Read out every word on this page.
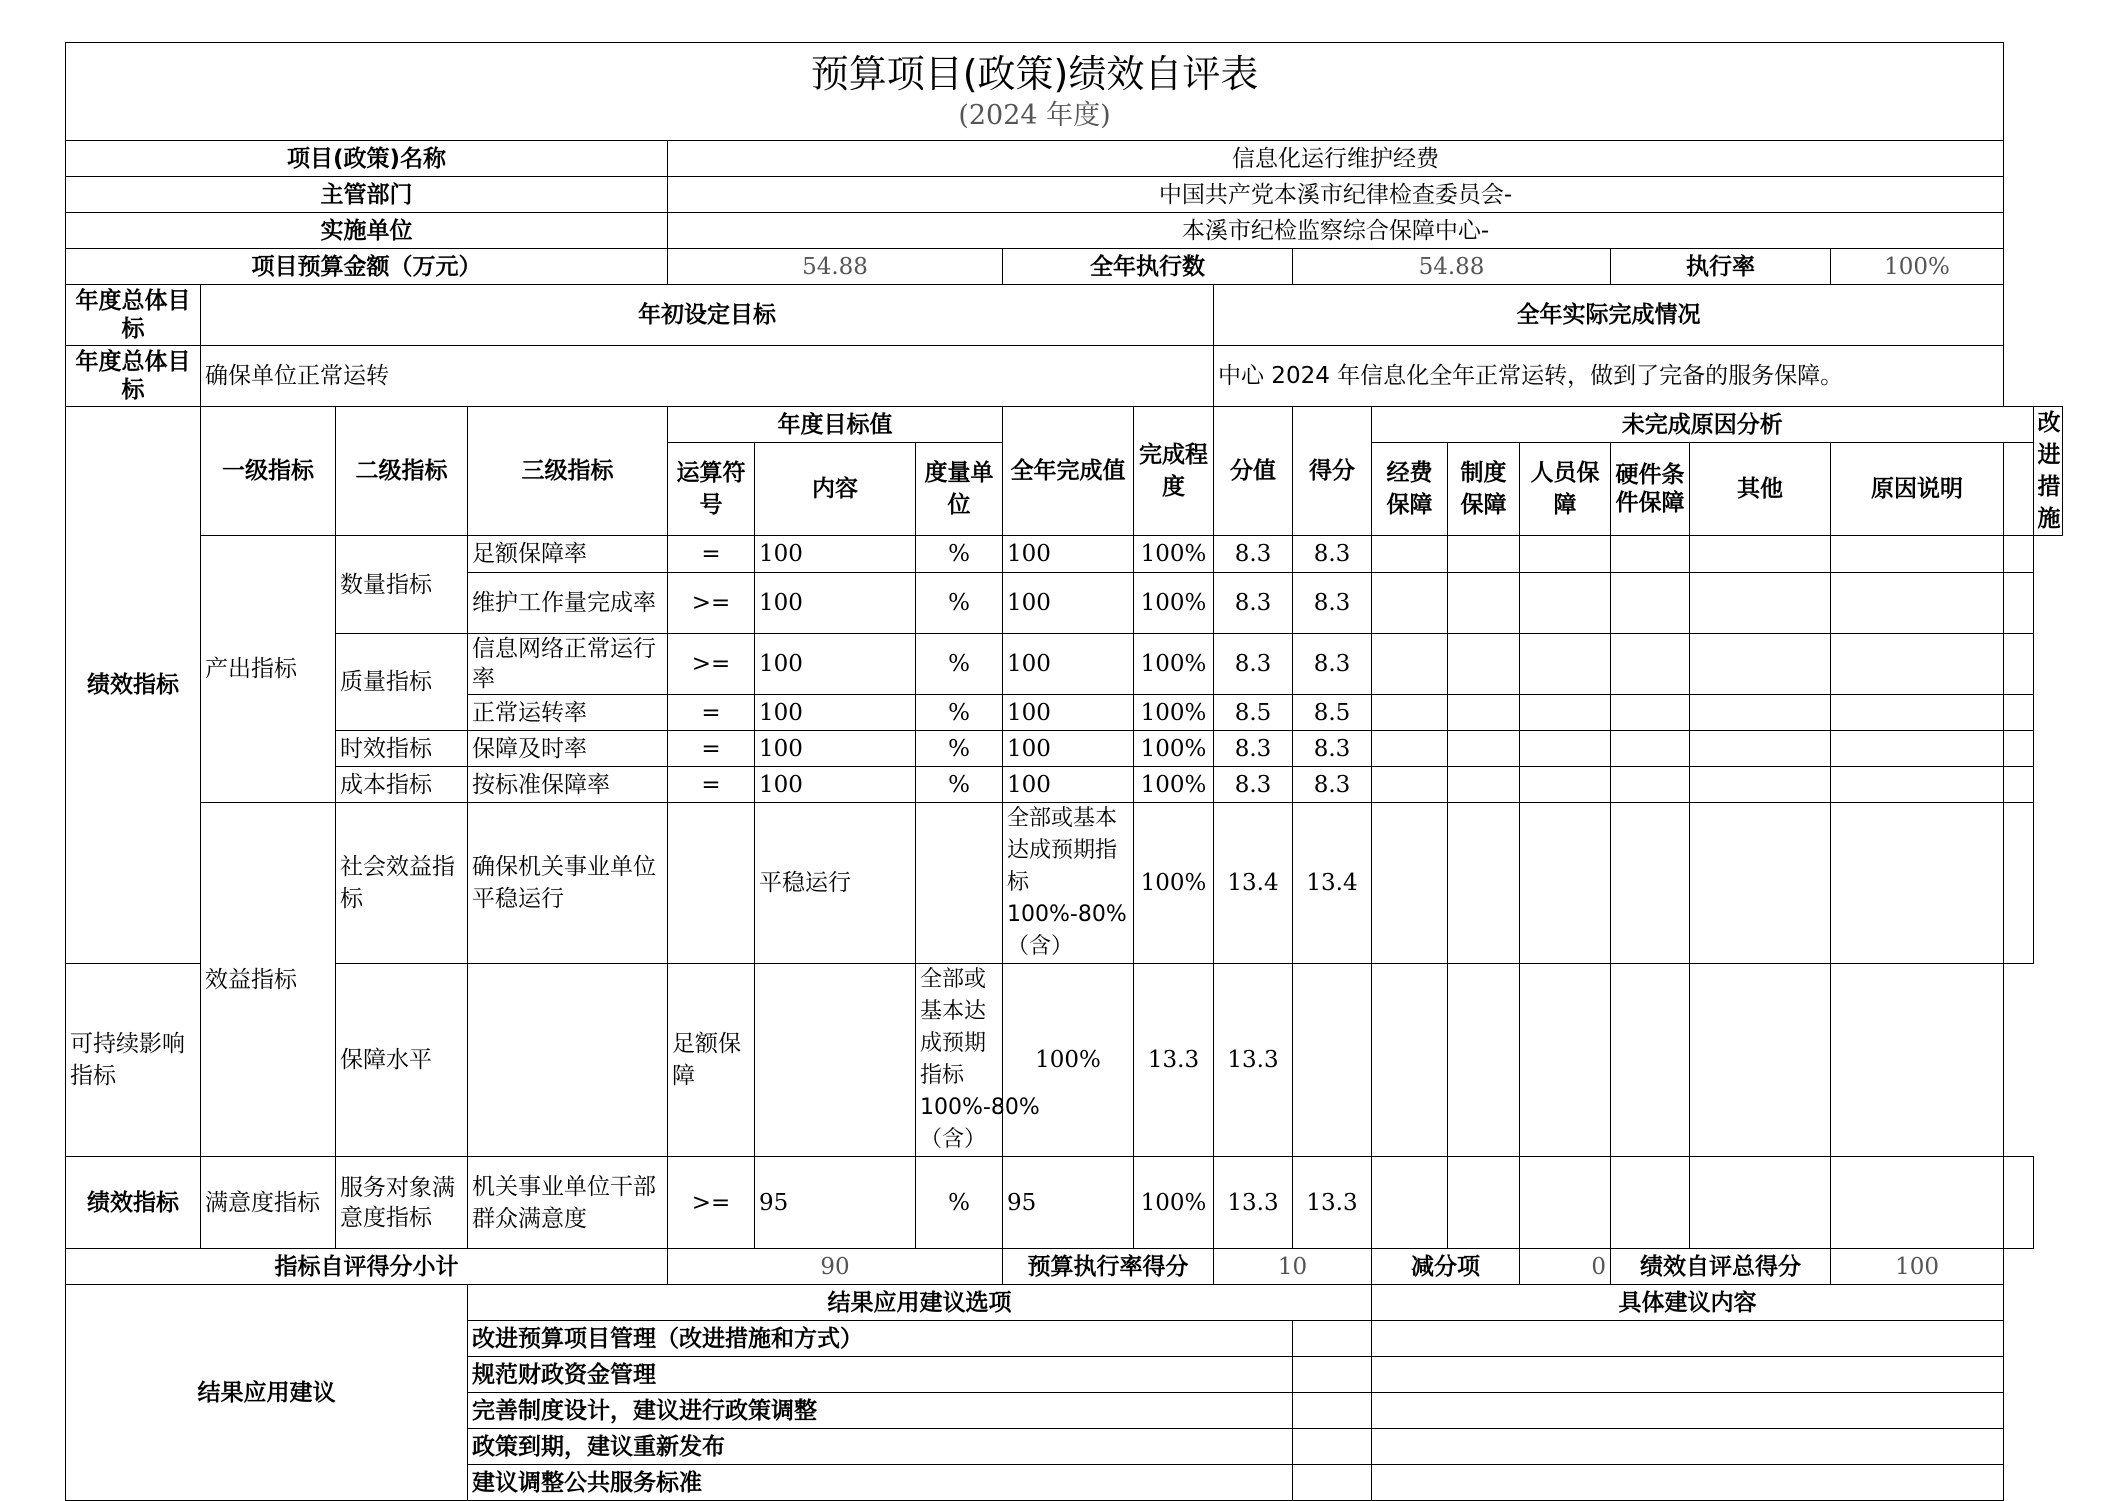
预算项目(政策)绩效自评表
(2024 年度)																		

项目(政策)名称				信息化运行维护经费														
主管部门				中国共产党本溪市纪律检查委员会-														
实施单位				本溪市纪检监察综合保障中心-														
项目预算金额（万元）				54.88			全年执行数			54.88				执行率		100%		
年度总体目标	年初设定目标								全年实际完成情况									
年度总体目标	确保单位正常运转								中心 2024 年信息化全年正常运转，做到了完备的服务保障。									
绩效指标	一级指标	二级指标	三级指标	年度目标值			全年完成值	完成程度	分值	得分	未完成原因分析							改进措施
				运算符号	内容	度量单位					经费保障	制度保障	人员保障	硬件条件保障	其他	原因说明		
	产出指标	数量指标	足额保障率	=	100	%	100	100%	8.3	8.3								
			维护工作量完成率	>=	100	%	100	100%	8.3	8.3								
		质量指标	信息网络正常运行率	>=	100	%	100	100%	8.3	8.3								
			正常运转率	=	100	%	100	100%	8.5	8.5								
		时效指标	保障及时率	=	100	%	100	100%	8.3	8.3								
		成本指标	按标准保障率	=	100	%	100	100%	8.3	8.3								
	效益指标	社会效益指标	确保机关事业单位平稳运行		平稳运行		全部或基本达成预期指标 100%-80%（含）	100%	13.4	13.4								
可持续影响指标		保障水平		足额保障		全部或基本达成预期指标 100%-80%（含）	100%	13.3	13.3									
绩效指标	满意度指标	服务对象满意度指标	机关事业单位干部群众满意度	>=	95	%	95	100%	13.3	13.3								
指标自评得分小计				90			预算执行率得分		10		减分项		0	绩效自评总得分		100		
结果应用建议			结果应用建议选项								具体建议内容							
			改进预算项目管理（改进措施和方式）															
			规范财政资金管理															
			完善制度设计，建议进行政策调整															
			政策到期，建议重新发布															
			建议调整公共服务标准															
